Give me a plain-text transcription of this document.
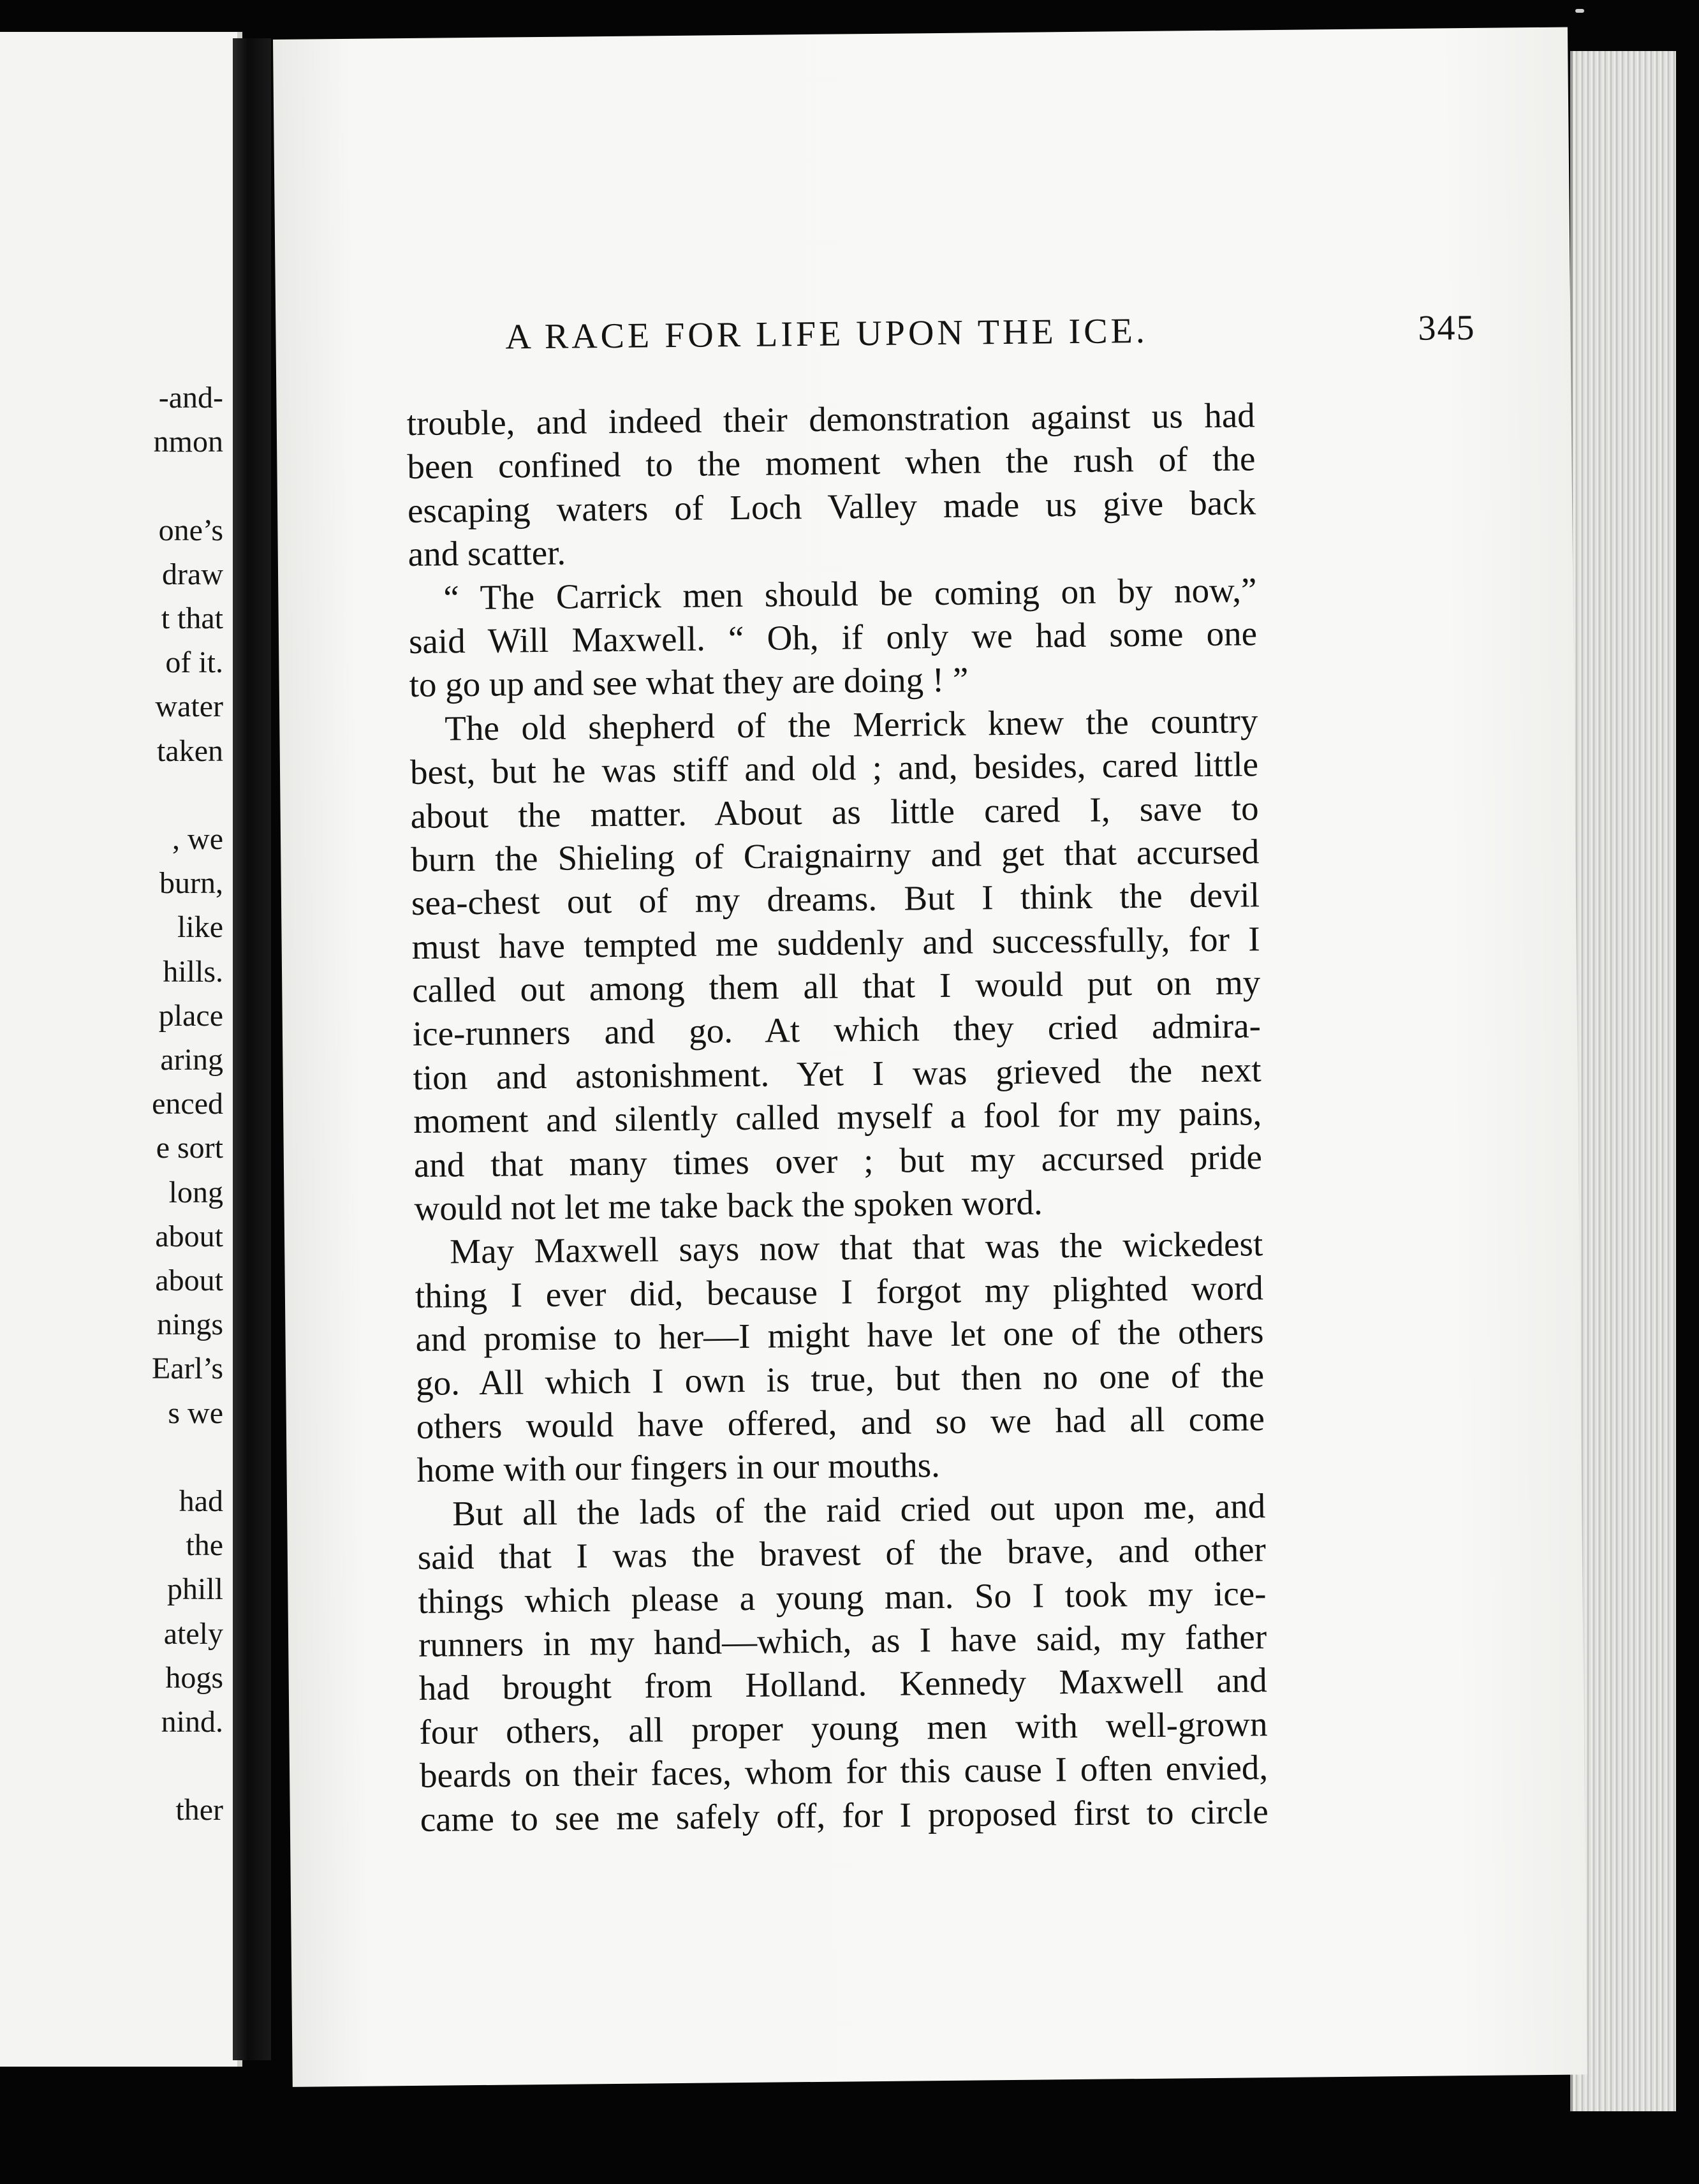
-and-
nmon
one’s
draw
t that
of it.
water
taken
, we
burn,
like
hills.
place
aring
enced
e sort
long
about
about
nings
Earl’s
s we
had
the
phill
ately
hogs
nind.
ther
A RACE FOR LIFE UPON THE ICE.	345
trouble, and indeed their demonstration against us had
been confined to the moment when the rush of the
escaping waters of Loch Valley made us give back
and scatter.
“ The Carrick men should be coming on by now,”
said Will Maxwell. “ Oh, if only we had some one
to go up and see what they are doing ! ”
The old shepherd of the Merrick knew the country
best, but he was stiff and old ; and, besides, cared little
about the matter. About as little cared I, save to
burn the Shieling of Craignairny and get that accursed
sea-chest out of my dreams. But I think the devil
must have tempted me suddenly and successfully, for I
called out among them all that I would put on my
ice-runners and go. At which they cried admira-
tion and astonishment. Yet I was grieved the next
moment and silently called myself a fool for my pains,
and that many times over ; but my accursed pride
would not let me take back the spoken word.
May Maxwell says now that that was the wickedest
thing I ever did, because I forgot my plighted word
and promise to her—I might have let one of the others
go. All which I own is true, but then no one of the
others would have offered, and so we had all come
home with our fingers in our mouths.
But all the lads of the raid cried out upon me, and
said that I was the bravest of the brave, and other
things which please a young man. So I took my ice-
runners in my hand—which, as I have said, my father
had brought from Holland. Kennedy Maxwell and
four others, all proper young men with well-grown
beards on their faces, whom for this cause I often envied,
came to see me safely off, for I proposed first to circle
